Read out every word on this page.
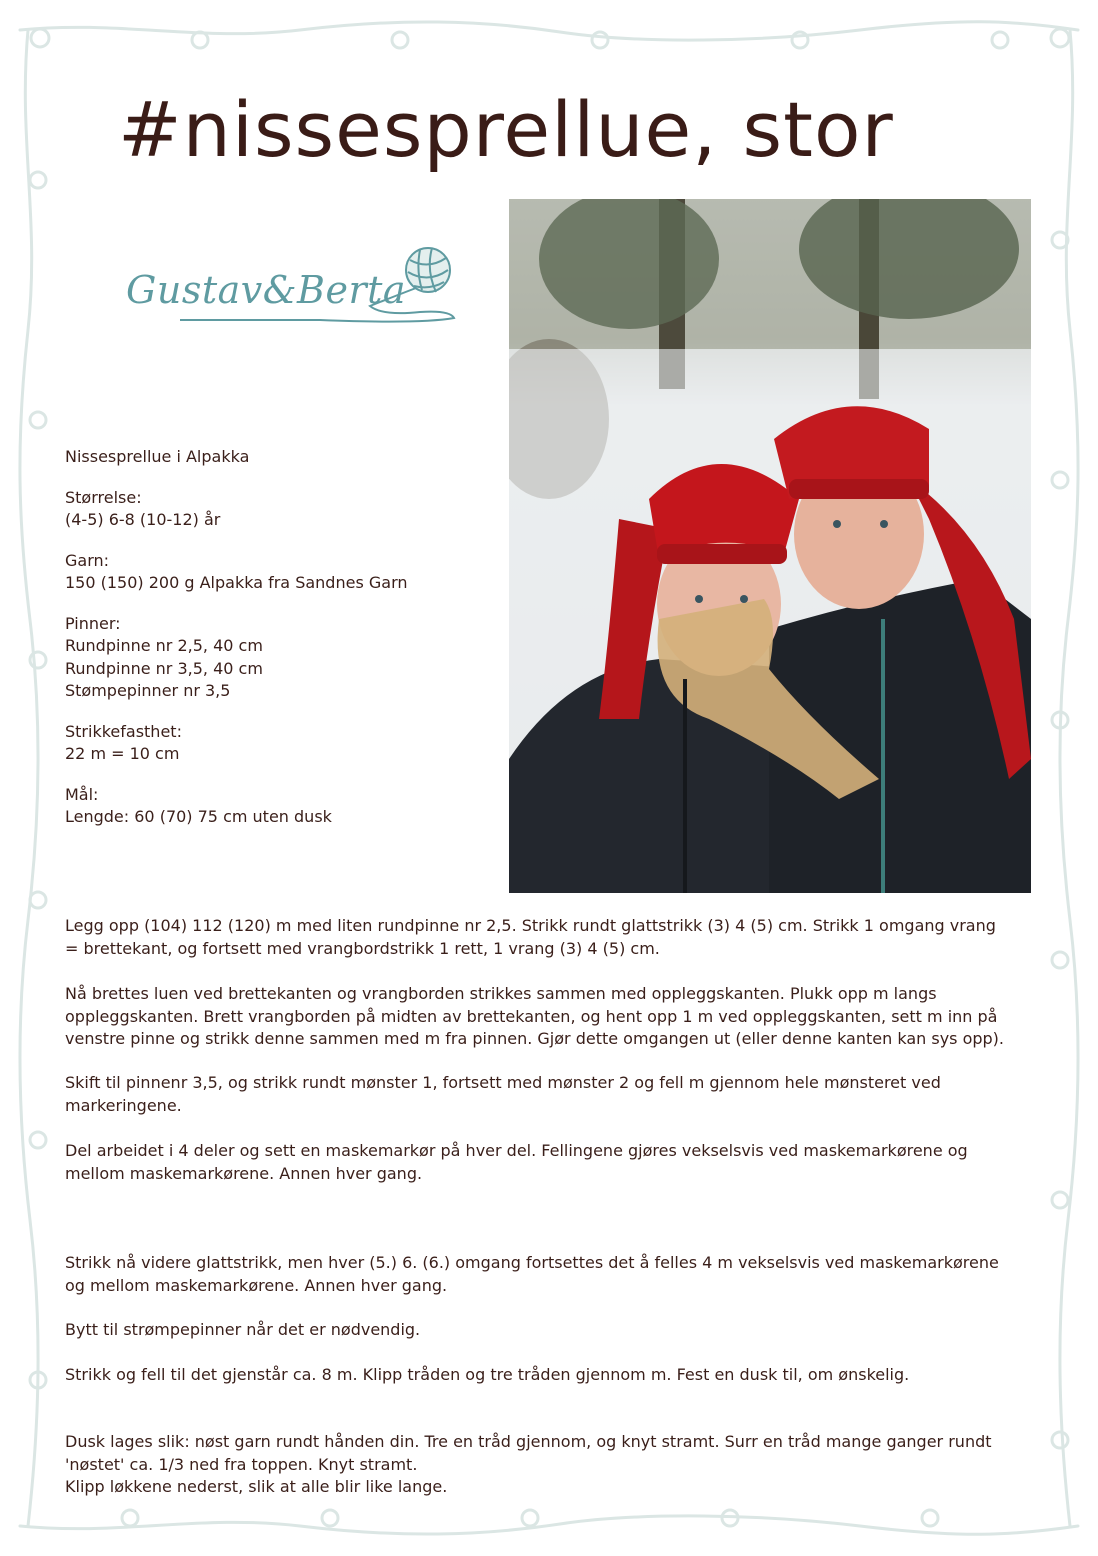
#nissesprellue, stor
Gustav&Berta

Nissesprellue i Alpakka

Størrelse:
(4-5) 6-8 (10-12) år

Garn:
150 (150) 200 g Alpakka fra Sandnes Garn

Pinner:
Rundpinne nr 2,5, 40 cm
Rundpinne nr 3,5, 40 cm
Stømpepinner nr 3,5

Strikkefasthet:
22 m = 10 cm

Mål:
Lengde: 60 (70) 75 cm uten dusk

Legg opp (104) 112 (120) m med liten rundpinne nr 2,5. Strikk rundt glattstrikk (3) 4 (5) cm. Strikk 1 omgang vrang
= brettekant, og fortsett med vrangbordstrikk 1 rett, 1 vrang (3) 4 (5) cm.
Nå brettes luen ved brettekanten og vrangborden strikkes sammen med oppleggskanten. Plukk opp m langs
oppleggskanten. Brett vrangborden på midten av brettekanten, og hent opp 1 m ved oppleggskanten, sett m inn på
venstre pinne og strikk denne sammen med m fra pinnen. Gjør dette omgangen ut (eller denne kanten kan sys opp).
Skift til pinnenr 3,5, og strikk rundt mønster 1, fortsett med mønster 2 og fell m gjennom hele mønsteret ved
markeringene.
Del arbeidet i 4 deler og sett en maskemarkør på hver del. Fellingene gjøres vekselsvis ved maskemarkørene og
mellom maskemarkørene. Annen hver gang.
Strikk nå videre glattstrikk, men hver (5.) 6. (6.) omgang fortsettes det å felles 4 m vekselsvis ved maskemarkørene
og mellom maskemarkørene. Annen hver gang.
Bytt til strømpepinner når det er nødvendig.
Strikk og fell til det gjenstår ca. 8 m. Klipp tråden og tre tråden gjennom m. Fest en dusk til, om ønskelig.
Dusk lages slik: nøst garn rundt hånden din. Tre en tråd gjennom, og knyt stramt. Surr en tråd mange ganger rundt
'nøstet' ca. 1/3 ned fra toppen. Knyt stramt.
Klipp løkkene nederst, slik at alle blir like lange.
